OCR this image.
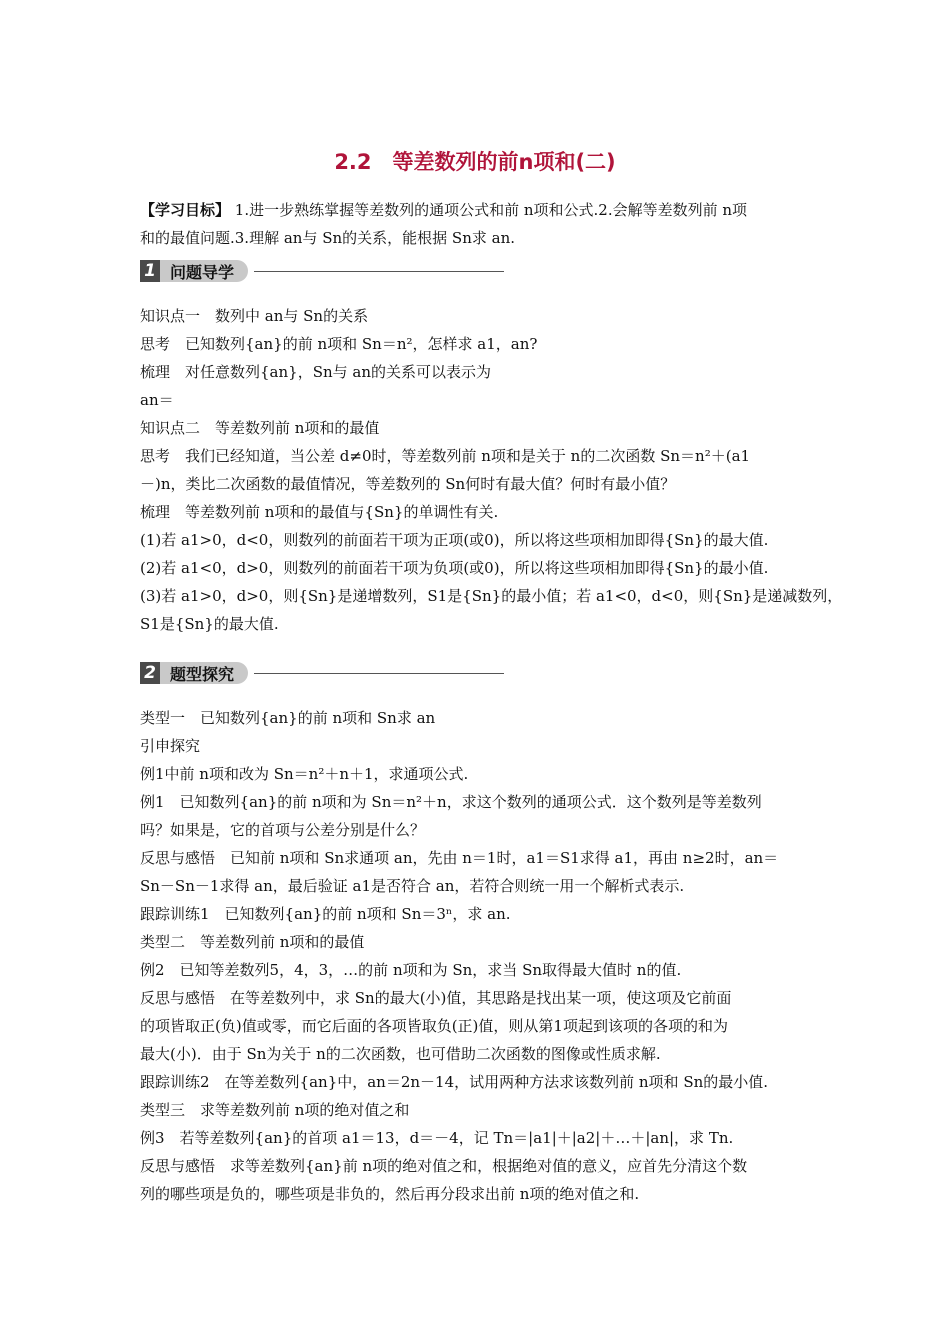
2.2　等差数列的前n项和(二)
【学习目标】 1.进一步熟练掌握等差数列的通项公式和前 n项和公式.2.会解等差数列前 n项
和的最值问题.3.理解 an与 Sn的关系，能根据 Sn求 an.
1 问题导学
知识点一　数列中 an与 Sn的关系
思考　已知数列{an}的前 n项和 Sn＝n²，怎样求 a1，an?
梳理　对任意数列{an}，Sn与 an的关系可以表示为
an＝
知识点二　等差数列前 n项和的最值
思考　我们已经知道，当公差 d≠0时，等差数列前 n项和是关于 n的二次函数 Sn＝n²＋(a1
－)n，类比二次函数的最值情况，等差数列的 Sn何时有最大值？何时有最小值？
梳理　等差数列前 n项和的最值与{Sn}的单调性有关.
(1)若 a1>0，d<0，则数列的前面若干项为正项(或0)，所以将这些项相加即得{Sn}的最大值.
(2)若 a1<0，d>0，则数列的前面若干项为负项(或0)，所以将这些项相加即得{Sn}的最小值.
(3)若 a1>0，d>0，则{Sn}是递增数列，S1是{Sn}的最小值；若 a1<0，d<0，则{Sn}是递减数列，
S1是{Sn}的最大值.
2 题型探究
类型一　已知数列{an}的前 n项和 Sn求 an
引申探究
例1中前 n项和改为 Sn＝n²＋n＋1，求通项公式.
例1　已知数列{an}的前 n项和为 Sn＝n²＋n，求这个数列的通项公式．这个数列是等差数列
吗？如果是，它的首项与公差分别是什么？
反思与感悟　已知前 n项和 Sn求通项 an，先由 n＝1时，a1＝S1求得 a1，再由 n≥2时，an＝
Sn－Sn－1求得 an，最后验证 a1是否符合 an，若符合则统一用一个解析式表示.
跟踪训练1　已知数列{an}的前 n项和 Sn＝3ⁿ，求 an.
类型二　等差数列前 n项和的最值
例2　已知等差数列5，4，3，…的前 n项和为 Sn，求当 Sn取得最大值时 n的值.
反思与感悟　在等差数列中，求 Sn的最大(小)值，其思路是找出某一项，使这项及它前面
的项皆取正(负)值或零，而它后面的各项皆取负(正)值，则从第1项起到该项的各项的和为
最大(小)．由于 Sn为关于 n的二次函数，也可借助二次函数的图像或性质求解.
跟踪训练2　在等差数列{an}中，an＝2n－14，试用两种方法求该数列前 n项和 Sn的最小值.
类型三　求等差数列前 n项的绝对值之和
例3　若等差数列{an}的首项 a1＝13，d＝－4，记 Tn＝|a1|＋|a2|＋…＋|an|，求 Tn.
反思与感悟　求等差数列{an}前 n项的绝对值之和，根据绝对值的意义，应首先分清这个数
列的哪些项是负的，哪些项是非负的，然后再分段求出前 n项的绝对值之和.
